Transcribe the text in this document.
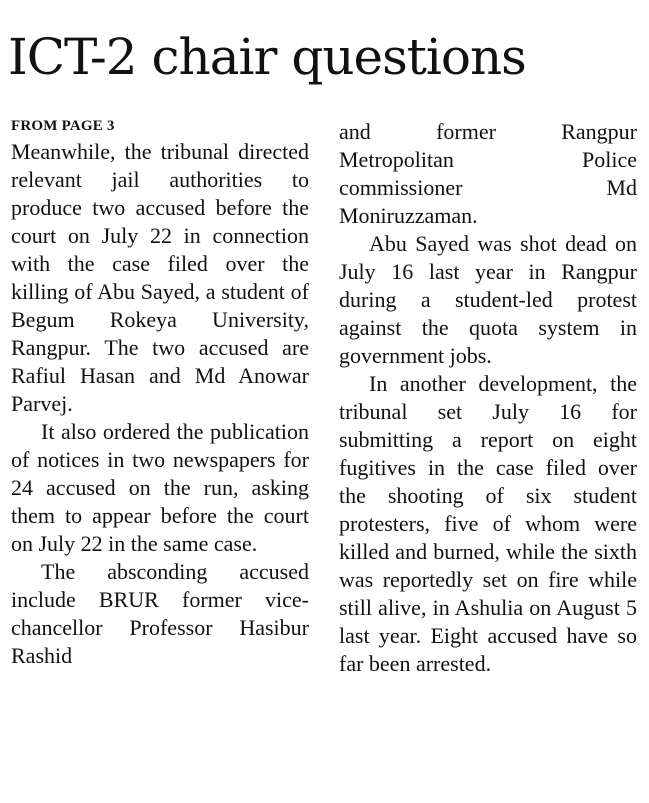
ICT-2 chair questions
FROM PAGE 3

Meanwhile, the tribunal directed relevant jail authorities to produce two accused before the court on July 22 in connection with the case filed over the killing of Abu Sayed, a student of Begum Rokeya University, Rangpur. The two accused are Rafiul Hasan and Md Anowar Parvej.

It also ordered the publication of notices in two newspapers for 24 accused on the run, asking them to appear before the court on July 22 in the same case.

The absconding accused include BRUR former vice-chancellor Professor Hasibur Rashid

and former Rangpur Metropolitan Police commissioner Md Moniruzzaman.

Abu Sayed was shot dead on July 16 last year in Rangpur during a student-led protest against the quota system in government jobs.

In another development, the tribunal set July 16 for submitting a report on eight fugitives in the case filed over the shooting of six student protesters, five of whom were killed and burned, while the sixth was reportedly set on fire while still alive, in Ashulia on August 5 last year. Eight accused have so far been arrested.
